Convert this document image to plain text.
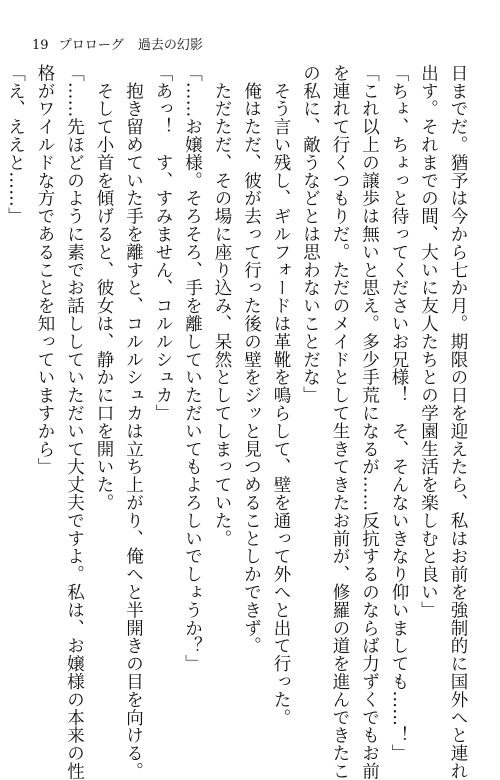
19 プロローグ 過去の幻影
日までだ。猶予は今から七か月。期限の日を迎えたら、私はお前を強制的に国外へと連れ
出す。それまでの間、大いに友人たちとの学園生活を楽しむと良い」
「ちょ、ちょっと待ってくださいお兄様！　そ、そんないきなり仰いましても……！」
「これ以上の譲歩は無いと思え。多少手荒になるが……反抗するのならば力ずくでもお前
を連れて行くつもりだ。ただのメイドとして生きてきたお前が、修羅の道を進んできたこ
の私に、敵うなどとは思わないことだな」
　そう言い残し、ギルフォードは革靴を鳴らして、壁を通って外へと出て行った。
　俺はただ、彼が去って行った後の壁をジッと見つめることしかできず。
　ただただ、その場に座り込み、呆然としてしまっていた。
「……お嬢様。そろそろ、手を離していただいてもよろしいでしょうか？」
「あっ！　す、すみません、コルルシュカ」
　抱き留めていた手を離すと、コルルシュカは立ち上がり、俺へと半開きの目を向ける。
　そして小首を傾げると、彼女は、静かに口を開いた。
「……先ほどのように素でお話ししていただいて大丈夫ですよ。私は、お嬢様の本来の性
格がワイルドな方であることを知っていますから」
「え、ええと……」
